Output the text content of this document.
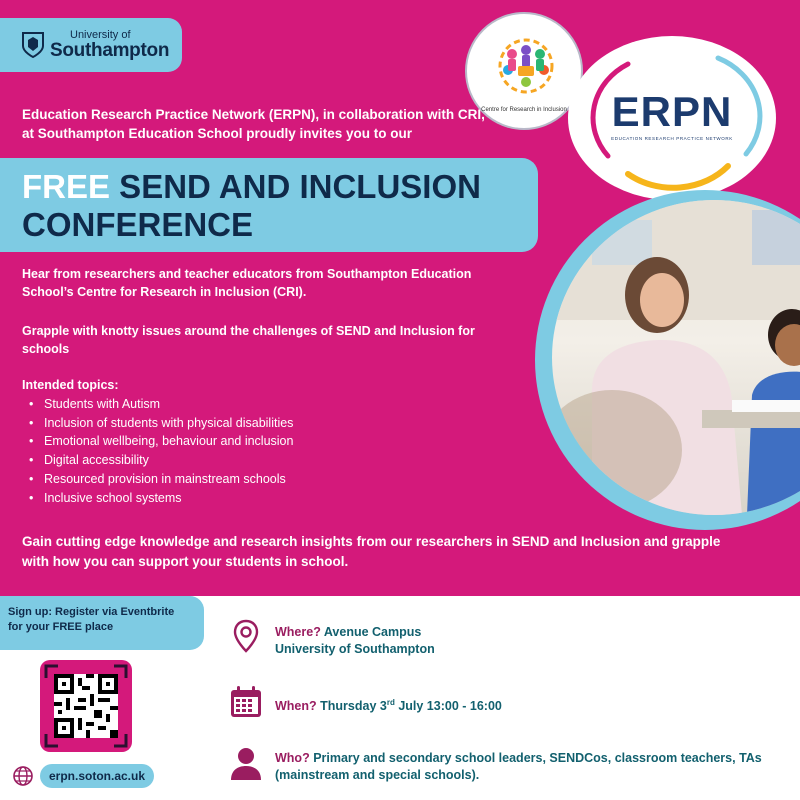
University of
Southampton
Centre for Research in Inclusion	ERPN
EDUCATION RESEARCH PRACTICE NETWORK
Education Research Practice Network (ERPN), in collaboration with CRI, at Southampton Education School proudly invites you to our
FREE SEND AND INCLUSION
CONFERENCE
Hear from researchers and teacher educators from Southampton Education School’s Centre for Research in Inclusion (CRI).
Grapple with knotty issues around the challenges of SEND and Inclusion for schools
Intended topics:
• Students with Autism
• Inclusion of students with physical disabilities
• Emotional wellbeing, behaviour and inclusion
• Digital accessibility
• Resourced provision in mainstream schools
• Inclusive school systems
Gain cutting edge knowledge and research insights from our researchers in SEND and Inclusion and grapple with how you can support your students in school.
Sign up: Register via Eventbrite
for your FREE place
erpn.soton.ac.uk
Where? Avenue Campus
University of Southampton
When? Thursday 3rd July 13:00 - 16:00
Who? Primary and secondary school leaders, SENDCos, classroom teachers, TAs
(mainstream and special schools).
